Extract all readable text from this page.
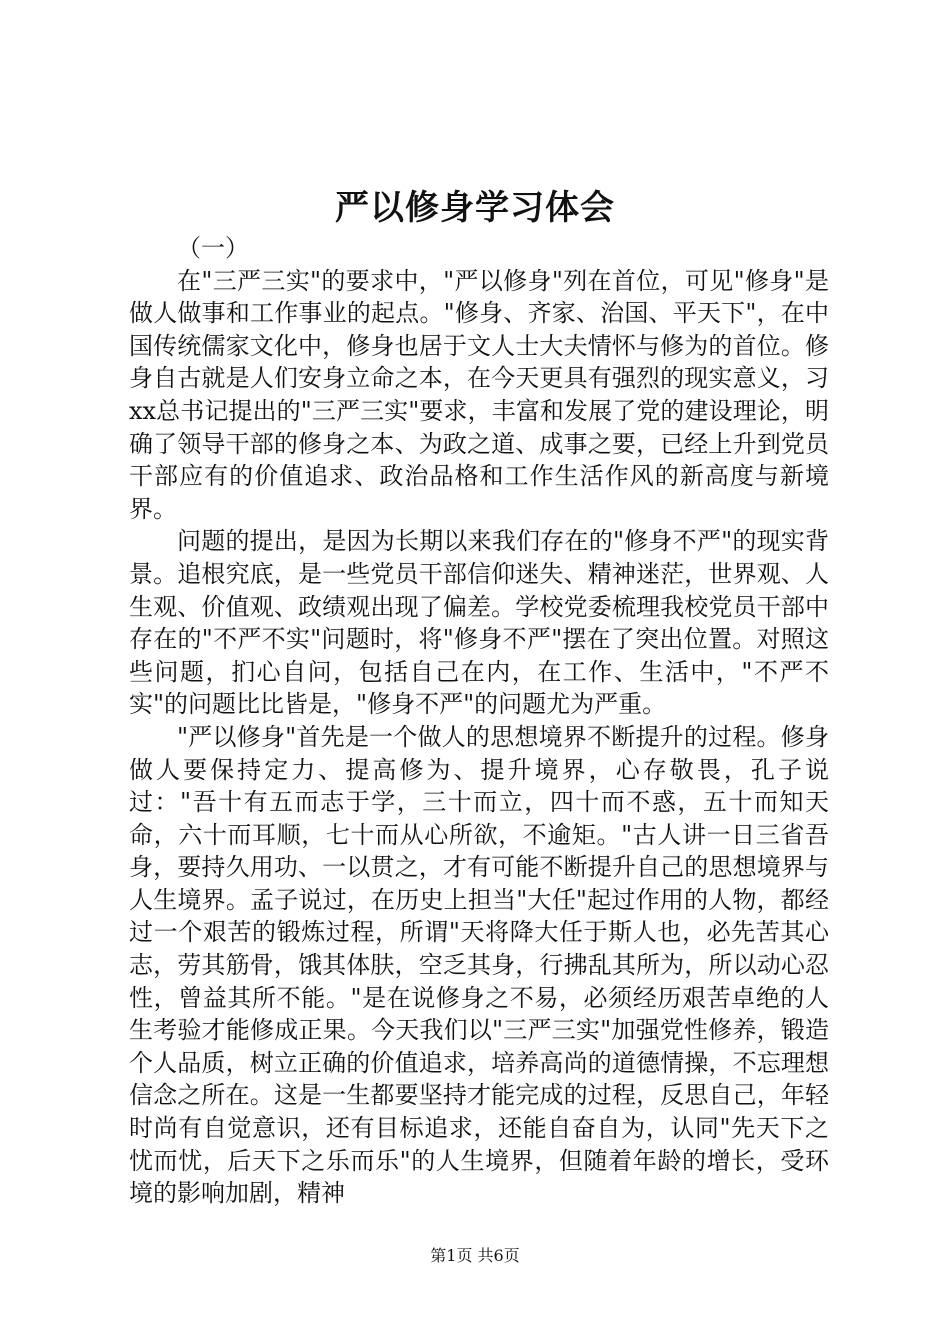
严以修身学习体会

（一）

在"三严三实"的要求中，"严以修身"列在首位，可见"修身"是做人做事和工作事业的起点。"修身、齐家、治国、平天下"，在中国传统儒家文化中，修身也居于文人士大夫情怀与修为的首位。修身自古就是人们安身立命之本，在今天更具有强烈的现实意义，习xx总书记提出的"三严三实"要求，丰富和发展了党的建设理论，明确了领导干部的修身之本、为政之道、成事之要，已经上升到党员干部应有的价值追求、政治品格和工作生活作风的新高度与新境界。

问题的提出，是因为长期以来我们存在的"修身不严"的现实背景。追根究底，是一些党员干部信仰迷失、精神迷茫，世界观、人生观、价值观、政绩观出现了偏差。学校党委梳理我校党员干部中存在的"不严不实"问题时，将"修身不严"摆在了突出位置。对照这些问题，扪心自问，包括自己在内，在工作、生活中，"不严不实"的问题比比皆是，"修身不严"的问题尤为严重。

"严以修身"首先是一个做人的思想境界不断提升的过程。修身做人要保持定力、提高修为、提升境界，心存敬畏，孔子说过："吾十有五而志于学，三十而立，四十而不惑，五十而知天命，六十而耳顺，七十而从心所欲，不逾矩。"古人讲一日三省吾身，要持久用功、一以贯之，才有可能不断提升自己的思想境界与人生境界。孟子说过，在历史上担当"大任"起过作用的人物，都经过一个艰苦的锻炼过程，所谓"天将降大任于斯人也，必先苦其心志，劳其筋骨，饿其体肤，空乏其身，行拂乱其所为，所以动心忍性，曾益其所不能。"是在说修身之不易，必须经历艰苦卓绝的人生考验才能修成正果。今天我们以"三严三实"加强党性修养，锻造个人品质，树立正确的价值追求，培养高尚的道德情操，不忘理想信念之所在。这是一生都要坚持才能完成的过程，反思自己，年轻时尚有自觉意识，还有目标追求，还能自奋自为，认同"先天下之忧而忧，后天下之乐而乐"的人生境界，但随着年龄的增长，受环境的影响加剧，精神

第1页 共6页
